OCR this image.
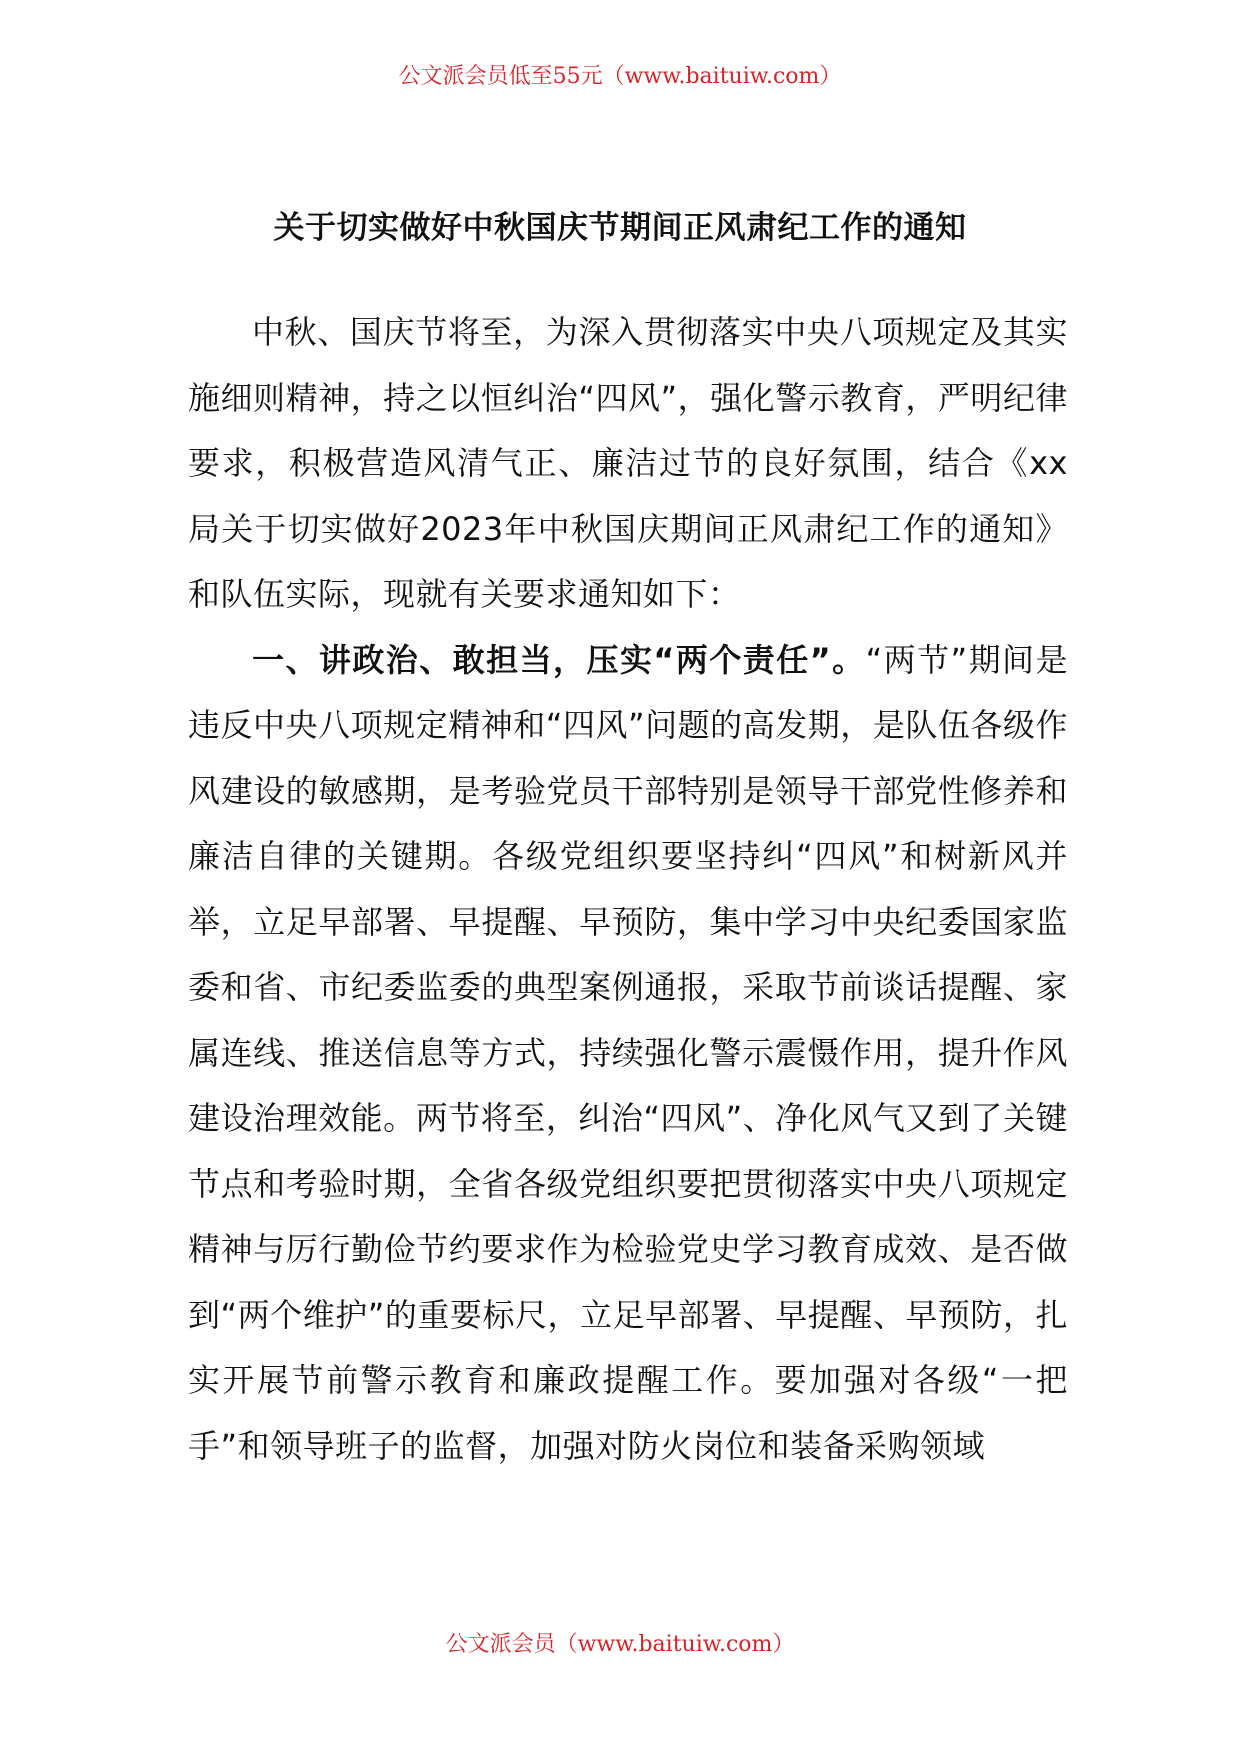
公文派会员低至55元（www.baituiw.com）
关于切实做好中秋国庆节期间正风肃纪工作的通知

中秋、国庆节将至，为深入贯彻落实中央八项规定及其实施细则精神，持之以恒纠治“四风”，强化警示教育，严明纪律要求，积极营造风清气正、廉洁过节的良好氛围，结合《xx局关于切实做好2023年中秋国庆期间正风肃纪工作的通知》和队伍实际，现就有关要求通知如下：

一、讲政治、敢担当，压实“两个责任”。“两节”期间是违反中央八项规定精神和“四风”问题的高发期，是队伍各级作风建设的敏感期，是考验党员干部特别是领导干部党性修养和廉洁自律的关键期。各级党组织要坚持纠“四风”和树新风并举，立足早部署、早提醒、早预防，集中学习中央纪委国家监委和省、市纪委监委的典型案例通报，采取节前谈话提醒、家属连线、推送信息等方式，持续强化警示震慑作用，提升作风建设治理效能。两节将至，纠治“四风”、净化风气又到了关键节点和考验时期，全省各级党组织要把贯彻落实中央八项规定精神与厉行勤俭节约要求作为检验党史学习教育成效、是否做到“两个维护”的重要标尺，立足早部署、早提醒、早预防，扎实开展节前警示教育和廉政提醒工作。要加强对各级“一把手”和领导班子的监督，加强对防火岗位和装备采购领域

公文派会员（www.baituiw.com）
